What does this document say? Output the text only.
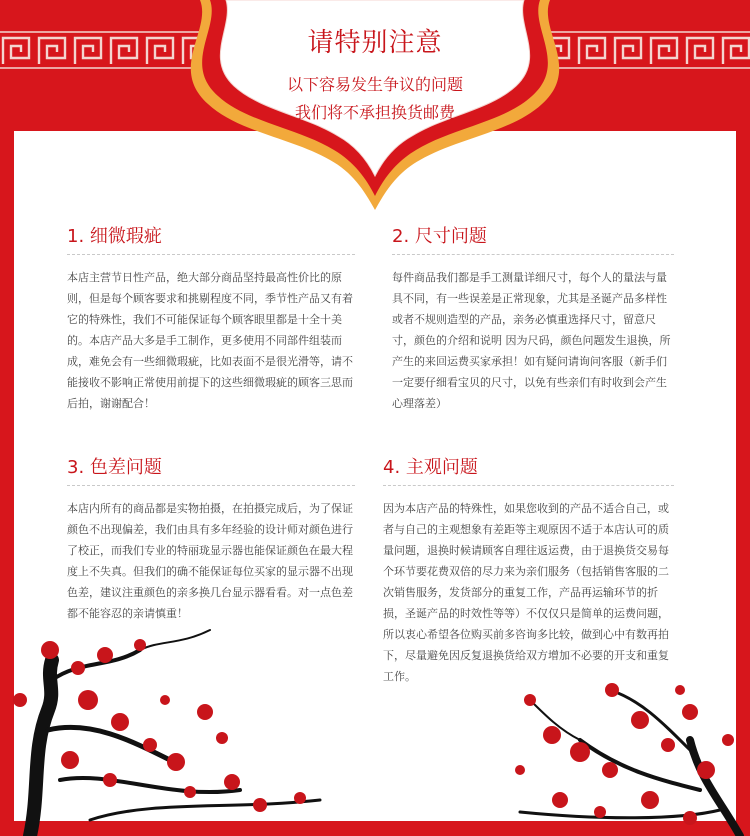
请特别注意
以下容易发生争议的问题
我们将不承担换货邮费
1. 细微瑕疵

本店主营节日性产品，绝大部分商品坚持最高性价比的原则，但是每个顾客要求和挑剔程度不同，季节性产品又有着它的特殊性，我们不可能保证每个顾客眼里都是十全十美的。本店产品大多是手工制作，更多使用不同部件组装而成，难免会有一些细微瑕疵，比如表面不是很光滑等，请不能接收不影响正常使用前提下的这些细微瑕疵的顾客三思而后拍，谢谢配合！

2. 尺寸问题

每件商品我们都是手工测量详细尺寸，每个人的量法与量具不同，有一些误差是正常现象，尤其是圣诞产品多样性或者不规则造型的产品，亲务必慎重选择尺寸，留意尺寸，颜色的介绍和说明 因为尺码，颜色问题发生退换，所产生的来回运费买家承担！如有疑问请询问客服（新手们一定要仔细看宝贝的尺寸，以免有些亲们有时收到会产生心理落差）

3. 色差问题

本店内所有的商品都是实物拍摄，在拍摄完成后，为了保证颜色不出现偏差，我们由具有多年经验的设计师对颜色进行了校正，而我们专业的特丽珑显示器也能保证颜色在最大程度上不失真。但我们的确不能保证每位买家的显示器不出现色差，建议注重颜色的亲多换几台显示器看看。对一点色差都不能容忍的亲请慎重！

4. 主观问题

因为本店产品的特殊性，如果您收到的产品不适合自己，或者与自己的主观想象有差距等主观原因不适于本店认可的质量问题，退换时候请顾客自理往返运费，由于退换货交易每个环节要花费双倍的尽力来为亲们服务（包括销售客服的二次销售服务，发货部分的重复工作，产品再运输环节的折损，圣诞产品的时效性等等）不仅仅只是简单的运费问题，所以衷心希望各位购买前多咨询多比较，做到心中有数再拍下，尽量避免因反复退换货给双方增加不必要的开支和重复工作。
